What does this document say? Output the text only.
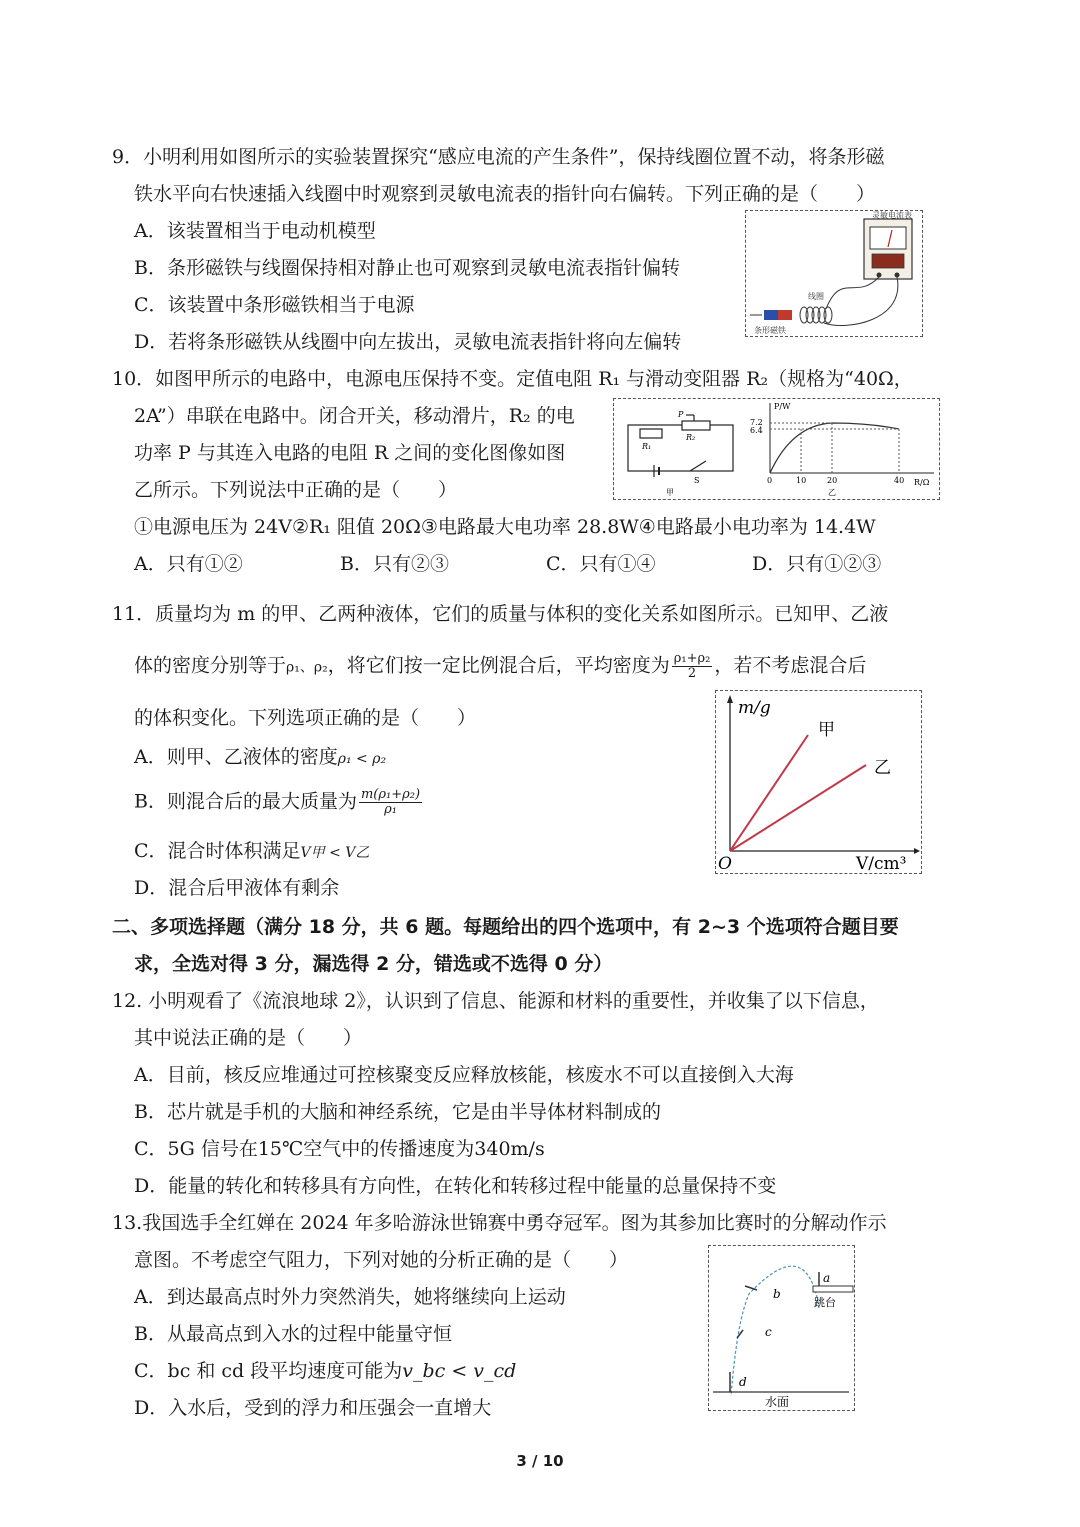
9．小明利用如图所示的实验装置探究“感应电流的产生条件”，保持线圈位置不动，将条形磁
铁水平向右快速插入线圈中时观察到灵敏电流表的指针向右偏转。下列正确的是（　　）
A．该装置相当于电动机模型
B．条形磁铁与线圈保持相对静止也可观察到灵敏电流表指针偏转
C．该装置中条形磁铁相当于电源
D．若将条形磁铁从线圈中向左拔出，灵敏电流表指针将向左偏转
灵敏电流表
线圈
条形磁铁
10．如图甲所示的电路中，电源电压保持不变。定值电阻 R₁ 与滑动变阻器 R₂（规格为“40Ω，
2A”）串联在电路中。闭合开关，移动滑片，R₂ 的电
功率 P 与其连入电路的电阻 R 之间的变化图像如图
乙所示。下列说法中正确的是（　　）
R₁
R₂
P
S
甲
P/W
R/Ω
7.2
6.4
0	10	20	40
乙
①电源电压为 24V②R₁ 阻值 20Ω③电路最大电功率 28.8W④电路最小电功率为 14.4W
A．只有①②	B．只有②③	C．只有①④	D．只有①②③
11．质量均为 m 的甲、乙两种液体，它们的质量与体积的变化关系如图所示。已知甲、乙液
体的密度分别等于ρ₁、ρ₂，将它们按一定比例混合后，平均密度为 $\frac{\text{ρ₁+ρ₂}}{2}$ ，若不考虑混合后
的体积变化。下列选项正确的是（　　）
A．则甲、乙液体的密度ρ₁ < ρ₂
B．则混合后的最大质量为 $\frac{\text{m(ρ₁+ρ₂)}}{\text{ρ₁}}$
C．混合时体积满足V甲 < V乙
D．混合后甲液体有剩余
m/g
V/cm³
O
甲
乙
二、多项选择题（满分 18 分，共 6 题。每题给出的四个选项中，有 2~3 个选项符合题目要
求，全选对得 3 分，漏选得 2 分，错选或不选得 0 分）
12. 小明观看了《流浪地球 2》，认识到了信息、能源和材料的重要性，并收集了以下信息，
其中说法正确的是（　　）
A．目前，核反应堆通过可控核聚变反应释放核能，核废水不可以直接倒入大海
B．芯片就是手机的大脑和神经系统，它是由半导体材料制成的
C．5G 信号在15℃空气中的传播速度为340m/s
D．能量的转化和转移具有方向性，在转化和转移过程中能量的总量保持不变
13.我国选手全红婵在 2024 年多哈游泳世锦赛中勇夺冠军。图为其参加比赛时的分解动作示
意图。不考虑空气阻力，下列对她的分析正确的是（　　）
A．到达最高点时外力突然消失，她将继续向上运动
B．从最高点到入水的过程中能量守恒
C．bc 和 cd 段平均速度可能为v_bc < v_cd
D．入水后，受到的浮力和压强会一直增大
a
b
c
d
跳台
水面
3 / 10
